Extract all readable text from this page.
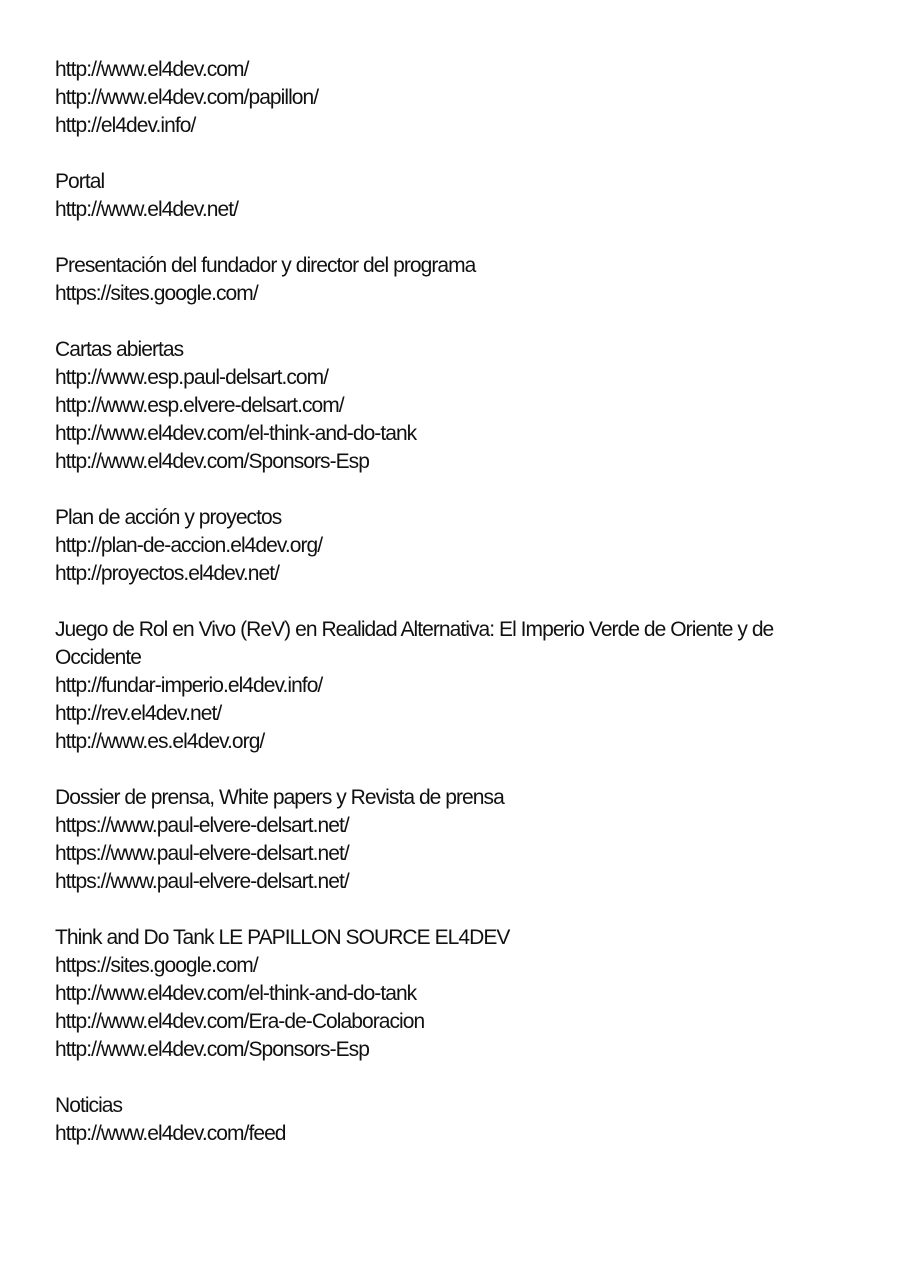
http://www.el4dev.com/
http://www.el4dev.com/papillon/
http://el4dev.info/
Portal
http://www.el4dev.net/
Presentación del fundador y director del programa
https://sites.google.com/
Cartas abiertas
http://www.esp.paul-delsart.com/
http://www.esp.elvere-delsart.com/
http://www.el4dev.com/el-think-and-do-tank
http://www.el4dev.com/Sponsors-Esp
Plan de acción y proyectos
http://plan-de-accion.el4dev.org/
http://proyectos.el4dev.net/
Juego de Rol en Vivo (ReV) en Realidad Alternativa: El Imperio Verde de Oriente y de Occidente
http://fundar-imperio.el4dev.info/
http://rev.el4dev.net/
http://www.es.el4dev.org/
Dossier de prensa, White papers y Revista de prensa
https://www.paul-elvere-delsart.net/
https://www.paul-elvere-delsart.net/
https://www.paul-elvere-delsart.net/
Think and Do Tank LE PAPILLON SOURCE EL4DEV
https://sites.google.com/
http://www.el4dev.com/el-think-and-do-tank
http://www.el4dev.com/Era-de-Colaboracion
http://www.el4dev.com/Sponsors-Esp
Noticias
http://www.el4dev.com/feed
